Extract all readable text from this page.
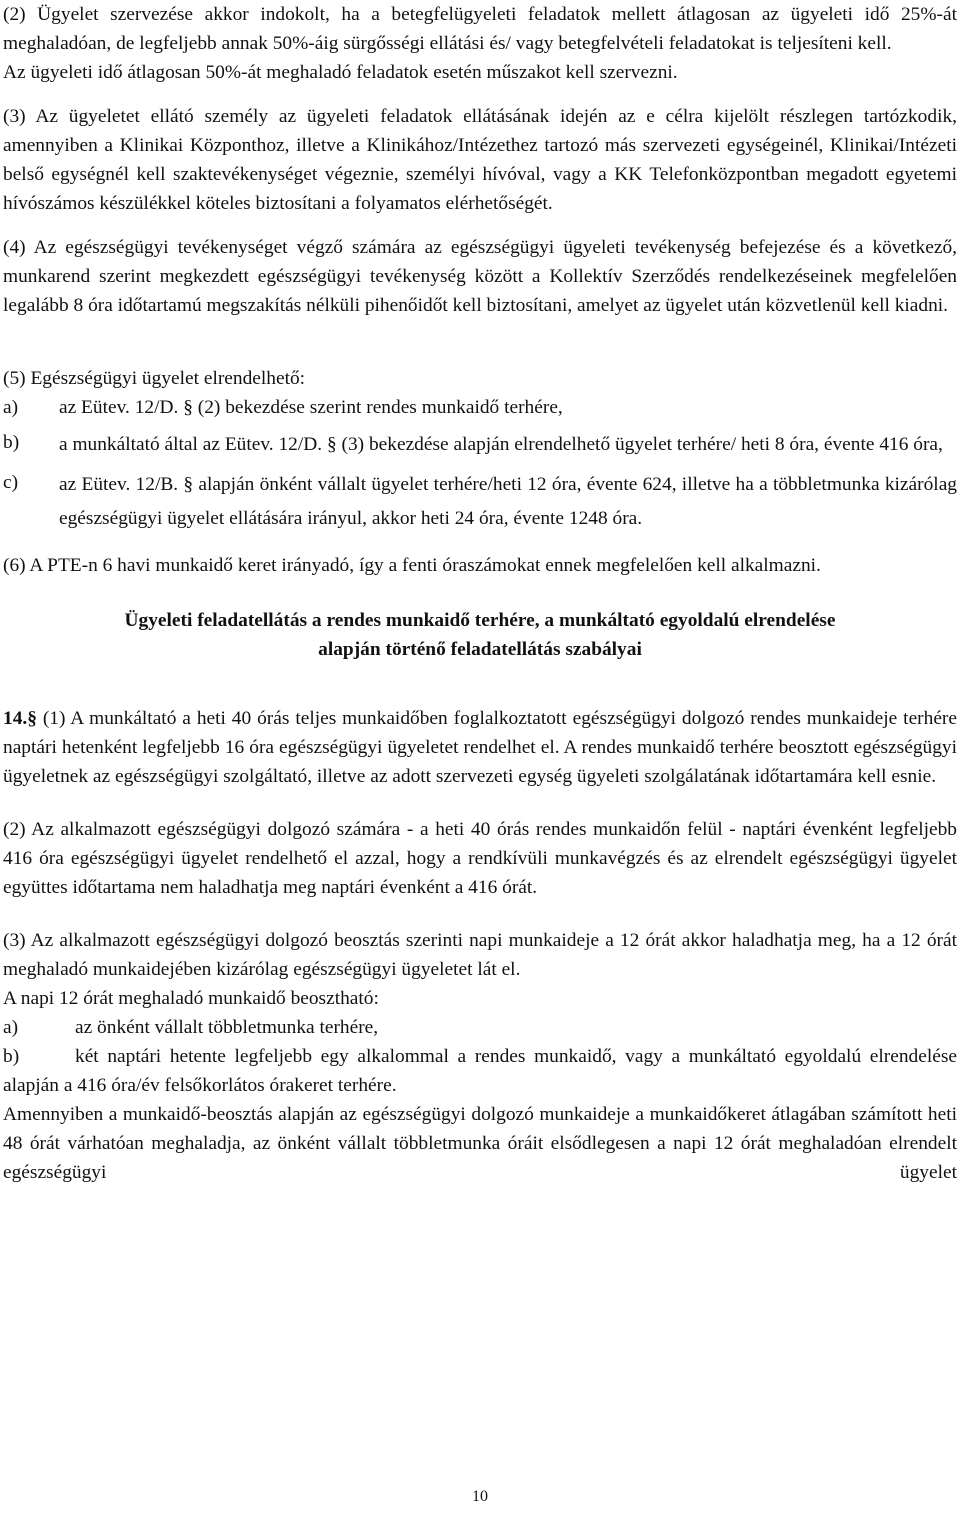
(2) Ügyelet szervezése akkor indokolt, ha a betegfelügyeleti feladatok mellett átlagosan az ügyeleti idő 25%-át meghaladóan, de legfeljebb annak 50%-áig sürgősségi ellátási és/ vagy betegfelvételi feladatokat is teljesíteni kell.

Az ügyeleti idő átlagosan 50%-át meghaladó feladatok esetén műszakot kell szervezni.

(3) Az ügyeletet ellátó személy az ügyeleti feladatok ellátásának idején az e célra kijelölt részlegen tartózkodik, amennyiben a Klinikai Központhoz, illetve a Klinikához/Intézethez tartozó más szervezeti egységeinél, Klinikai/Intézeti belső egységnél kell szaktevékenységet végeznie, személyi hívóval, vagy a KK Telefonközpontban megadott egyetemi hívószámos készülékkel köteles biztosítani a folyamatos elérhetőségét.

(4) Az egészségügyi tevékenységet végző számára az egészségügyi ügyeleti tevékenység befejezése és a következő, munkarend szerint megkezdett egészségügyi tevékenység között a Kollektív Szerződés rendelkezéseinek megfelelően legalább 8 óra időtartamú megszakítás nélküli pihenőidőt kell biztosítani, amelyet az ügyelet után közvetlenül kell kiadni.

(5) Egészségügyi ügyelet elrendelhető:

a)	az Eütev. 12/D. § (2) bekezdése szerint rendes munkaidő terhére,
b)	a munkáltató által az Eütev. 12/D. § (3) bekezdése alapján elrendelhető ügyelet terhére/ heti 8 óra, évente 416 óra,
c)	az Eütev. 12/B. § alapján önként vállalt ügyelet terhére/heti 12 óra, évente 624, illetve ha a többletmunka kizárólag egészségügyi ügyelet ellátására irányul, akkor heti 24 óra, évente 1248 óra.

(6) A PTE-n 6 havi munkaidő keret irányadó, így a fenti óraszámokat ennek megfelelően kell alkalmazni.

Ügyeleti feladatellátás a rendes munkaidő terhére, a munkáltató egyoldalú elrendelése

alapján történő feladatellátás szabályai

14.§ (1) A munkáltató a heti 40 órás teljes munkaidőben foglalkoztatott egészségügyi dolgozó rendes munkaideje terhére naptári hetenként legfeljebb 16 óra egészségügyi ügyeletet rendelhet el. A rendes munkaidő terhére beosztott egészségügyi ügyeletnek az egészségügyi szolgáltató, illetve az adott szervezeti egység ügyeleti szolgálatának időtartamára kell esnie.

(2) Az alkalmazott egészségügyi dolgozó számára - a heti 40 órás rendes munkaidőn felül - naptári évenként legfeljebb 416 óra egészségügyi ügyelet rendelhető el azzal, hogy a rendkívüli munkavégzés és az elrendelt egészségügyi ügyelet együttes időtartama nem haladhatja meg naptári évenként a 416 órát.

(3) Az alkalmazott egészségügyi dolgozó beosztás szerinti napi munkaideje a 12 órát akkor haladhatja meg, ha a 12 órát meghaladó munkaidejében kizárólag egészségügyi ügyeletet lát el.

A napi 12 órát meghaladó munkaidő beosztható:

a)	az önként vállalt többletmunka terhére,

b)	két naptári hetente legfeljebb egy alkalommal a rendes munkaidő, vagy a munkáltató egyoldalú elrendelése alapján a 416 óra/év felsőkorlátos órakeret terhére.

Amennyiben a munkaidő-beosztás alapján az egészségügyi dolgozó munkaideje a munkaidőkeret átlagában számított heti 48 órát várhatóan meghaladja, az önként vállalt többletmunka óráit elsődlegesen a napi 12 órát meghaladóan elrendelt egészségügyi ügyelet

10
